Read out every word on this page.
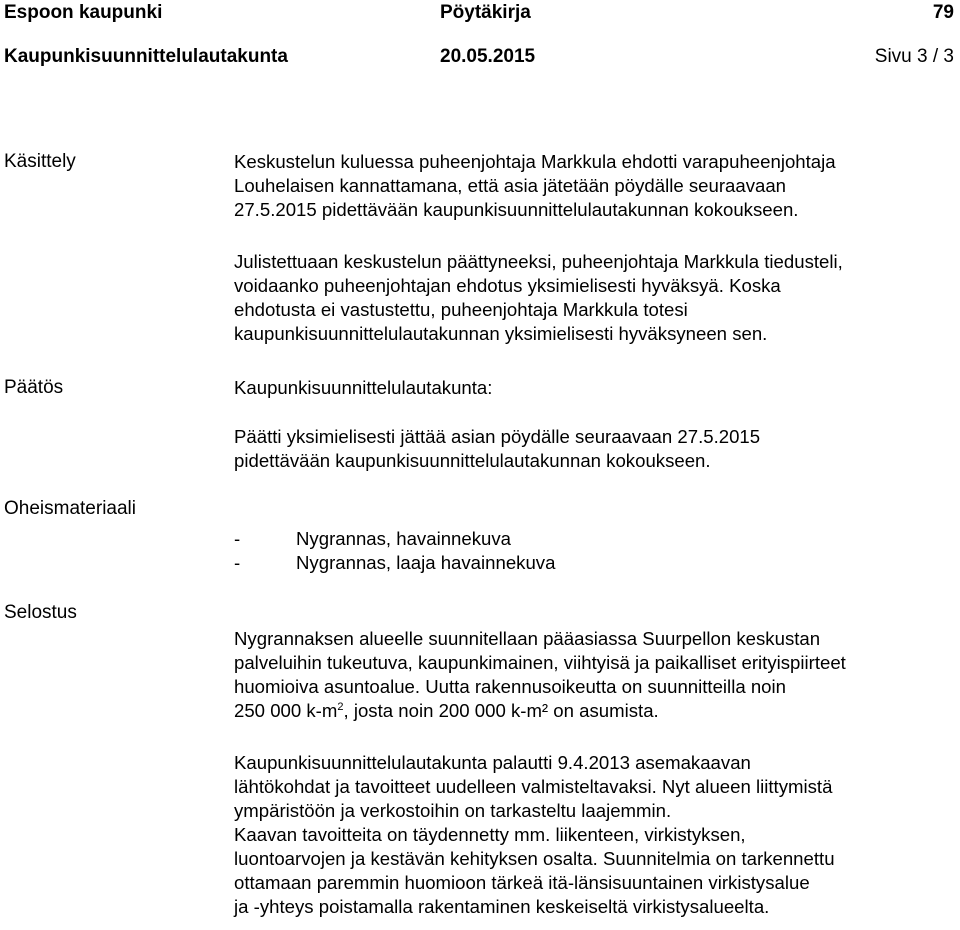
Espoon kaupunki	Pöytäkirja	79
Kaupunkisuunnittelulautakunta	20.05.2015	Sivu 3 / 3
Käsittely	Keskustelun kuluessa puheenjohtaja Markkula ehdotti varapuheenjohtaja
Louhelaisen kannattamana, että asia jätetään pöydälle seuraavaan
27.5.2015 pidettävään kaupunkisuunnittelulautakunnan kokoukseen.
Julistettuaan keskustelun päättyneeksi, puheenjohtaja Markkula tiedusteli,
voidaanko puheenjohtajan ehdotus yksimielisesti hyväksyä. Koska
ehdotusta ei vastustettu, puheenjohtaja Markkula totesi
kaupunkisuunnittelulautakunnan yksimielisesti hyväksyneen sen.
Päätös	Kaupunkisuunnittelulautakunta:
Päätti yksimielisesti jättää asian pöydälle seuraavaan 27.5.2015
pidettävään kaupunkisuunnittelulautakunnan kokoukseen.
Oheismateriaali
-	Nygrannas, havainnekuva
-	Nygrannas, laaja havainnekuva
Selostus
Nygrannaksen alueelle suunnitellaan pääasiassa Suurpellon keskustan
palveluihin tukeutuva, kaupunkimainen, viihtyisä ja paikalliset erityispiirteet
huomioiva asuntoalue. Uutta rakennusoikeutta on suunnitteilla noin
250 000 $k-m^2$, josta noin 200 000 k-m² on asumista.
Kaupunkisuunnittelulautakunta palautti 9.4.2013 asemakaavan
lähtökohdat ja tavoitteet uudelleen valmisteltavaksi. Nyt alueen liittymistä
ympäristöön ja verkostoihin on tarkasteltu laajemmin.
Kaavan tavoitteita on täydennetty mm. liikenteen, virkistyksen,
luontoarvojen ja kestävän kehityksen osalta. Suunnitelmia on tarkennettu
ottamaan paremmin huomioon tärkeä itä-länsisuuntainen virkistysalue
ja -yhteys poistamalla rakentaminen keskeiseltä virkistysalueelta.
